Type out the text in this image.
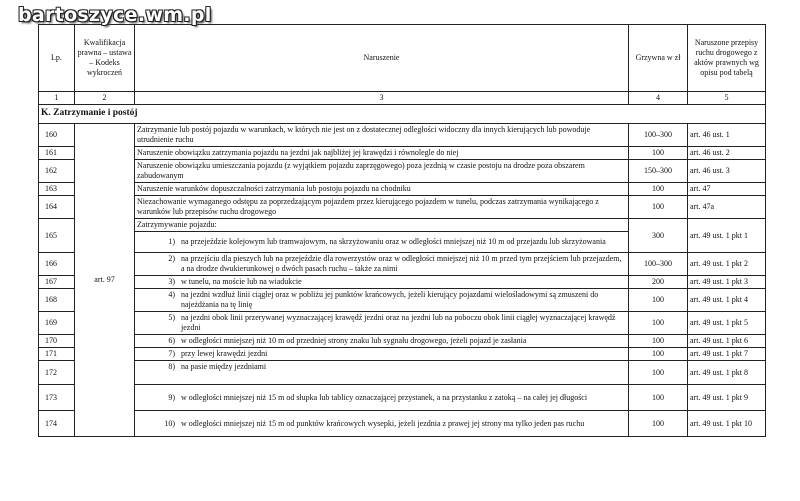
bartoszyce.wm.pl
Lp.	Kwalifikacja prawna – ustawa – Kodeks wykroczeń	Naruszenie	Grzywna w zł	Naruszone przepisy ruchu drogowego z aktów prawnych wg opisu pod tabelą
1	2	3	4	5
K. Zatrzymanie i postój				
160	art. 97	Zatrzymanie lub postój pojazdu w warunkach, w których nie jest on z dostatecznej odległości widoczny dla innych kierujących lub powoduje utrudnienie ruchu	100–300	art. 46 ust. 1
161		Naruszenie obowiązku zatrzymania pojazdu na jezdni jak najbliżej jej krawędzi i równolegle do niej	100	art. 46 ust. 2
162		Naruszenie obowiązku umieszczania pojazdu (z wyjątkiem pojazdu zaprzęgowego) poza jezdnią w czasie postoju na drodze poza obszarem zabudowanym	150–300	art. 46 ust. 3
163		Naruszenie warunków dopuszczalności zatrzymania lub postoju pojazdu na chodniku	100	art. 47
164		Niezachowanie wymaganego odstępu za poprzedzającym pojazdem przez kierującego pojazdem w tunelu, podczas zatrzymania wynikającego z warunków lub przepisów ruchu drogowego	100	art. 47a
165		Zatrzymywanie pojazdu:	300	art. 49 ust. 1 pkt 1

		1) na przejeździe kolejowym lub tramwajowym, na skrzyżowaniu oraz w odległości mniejszej niż 10 m od przejazdu lub skrzyżowania		

166		2) na przejściu dla pieszych lub na przejeździe dla rowerzystów oraz w odległości mniejszej niż 10 m przed tym przejściem lub przejazdem, a na drodze dwukierunkowej o dwóch pasach ruchu – także za nimi	100–300	art. 49 ust. 1 pkt 2
167		3) w tunelu, na moście lub na wiadukcie	200	art. 49 ust. 1 pkt 3
168		4) na jezdni wzdłuż linii ciągłej oraz w pobliżu jej punktów krańcowych, jeżeli kierujący pojazdami wielośladowymi są zmuszeni do najeżdżania na tę linię	100	art. 49 ust. 1 pkt 4
169		5) na jezdni obok linii przerywanej wyznaczającej krawędź jezdni oraz na jezdni lub na poboczu obok linii ciągłej wyznaczającej krawędź jezdni	100	art. 49 ust. 1 pkt 5
170		6) w odległości mniejszej niż 10 m od przedniej strony znaku lub sygnału drogowego, jeżeli pojazd je zasłania	100	art. 49 ust. 1 pkt 6
171		7) przy lewej krawędzi jezdni	100	art. 49 ust. 1 pkt 7
172		8) na pasie między jezdniami	100	art. 49 ust. 1 pkt 8
173		9) w odległości mniejszej niż 15 m od słupka lub tablicy oznaczającej przystanek, a na przystanku z zatoką – na całej jej długości	100	art. 49 ust. 1 pkt 9
174		10) w odległości mniejszej niż 15 m od punktów krańcowych wysepki, jeżeli jezdnia z prawej jej strony ma tylko jeden pas ruchu	100	art. 49 ust. 1 pkt 10
